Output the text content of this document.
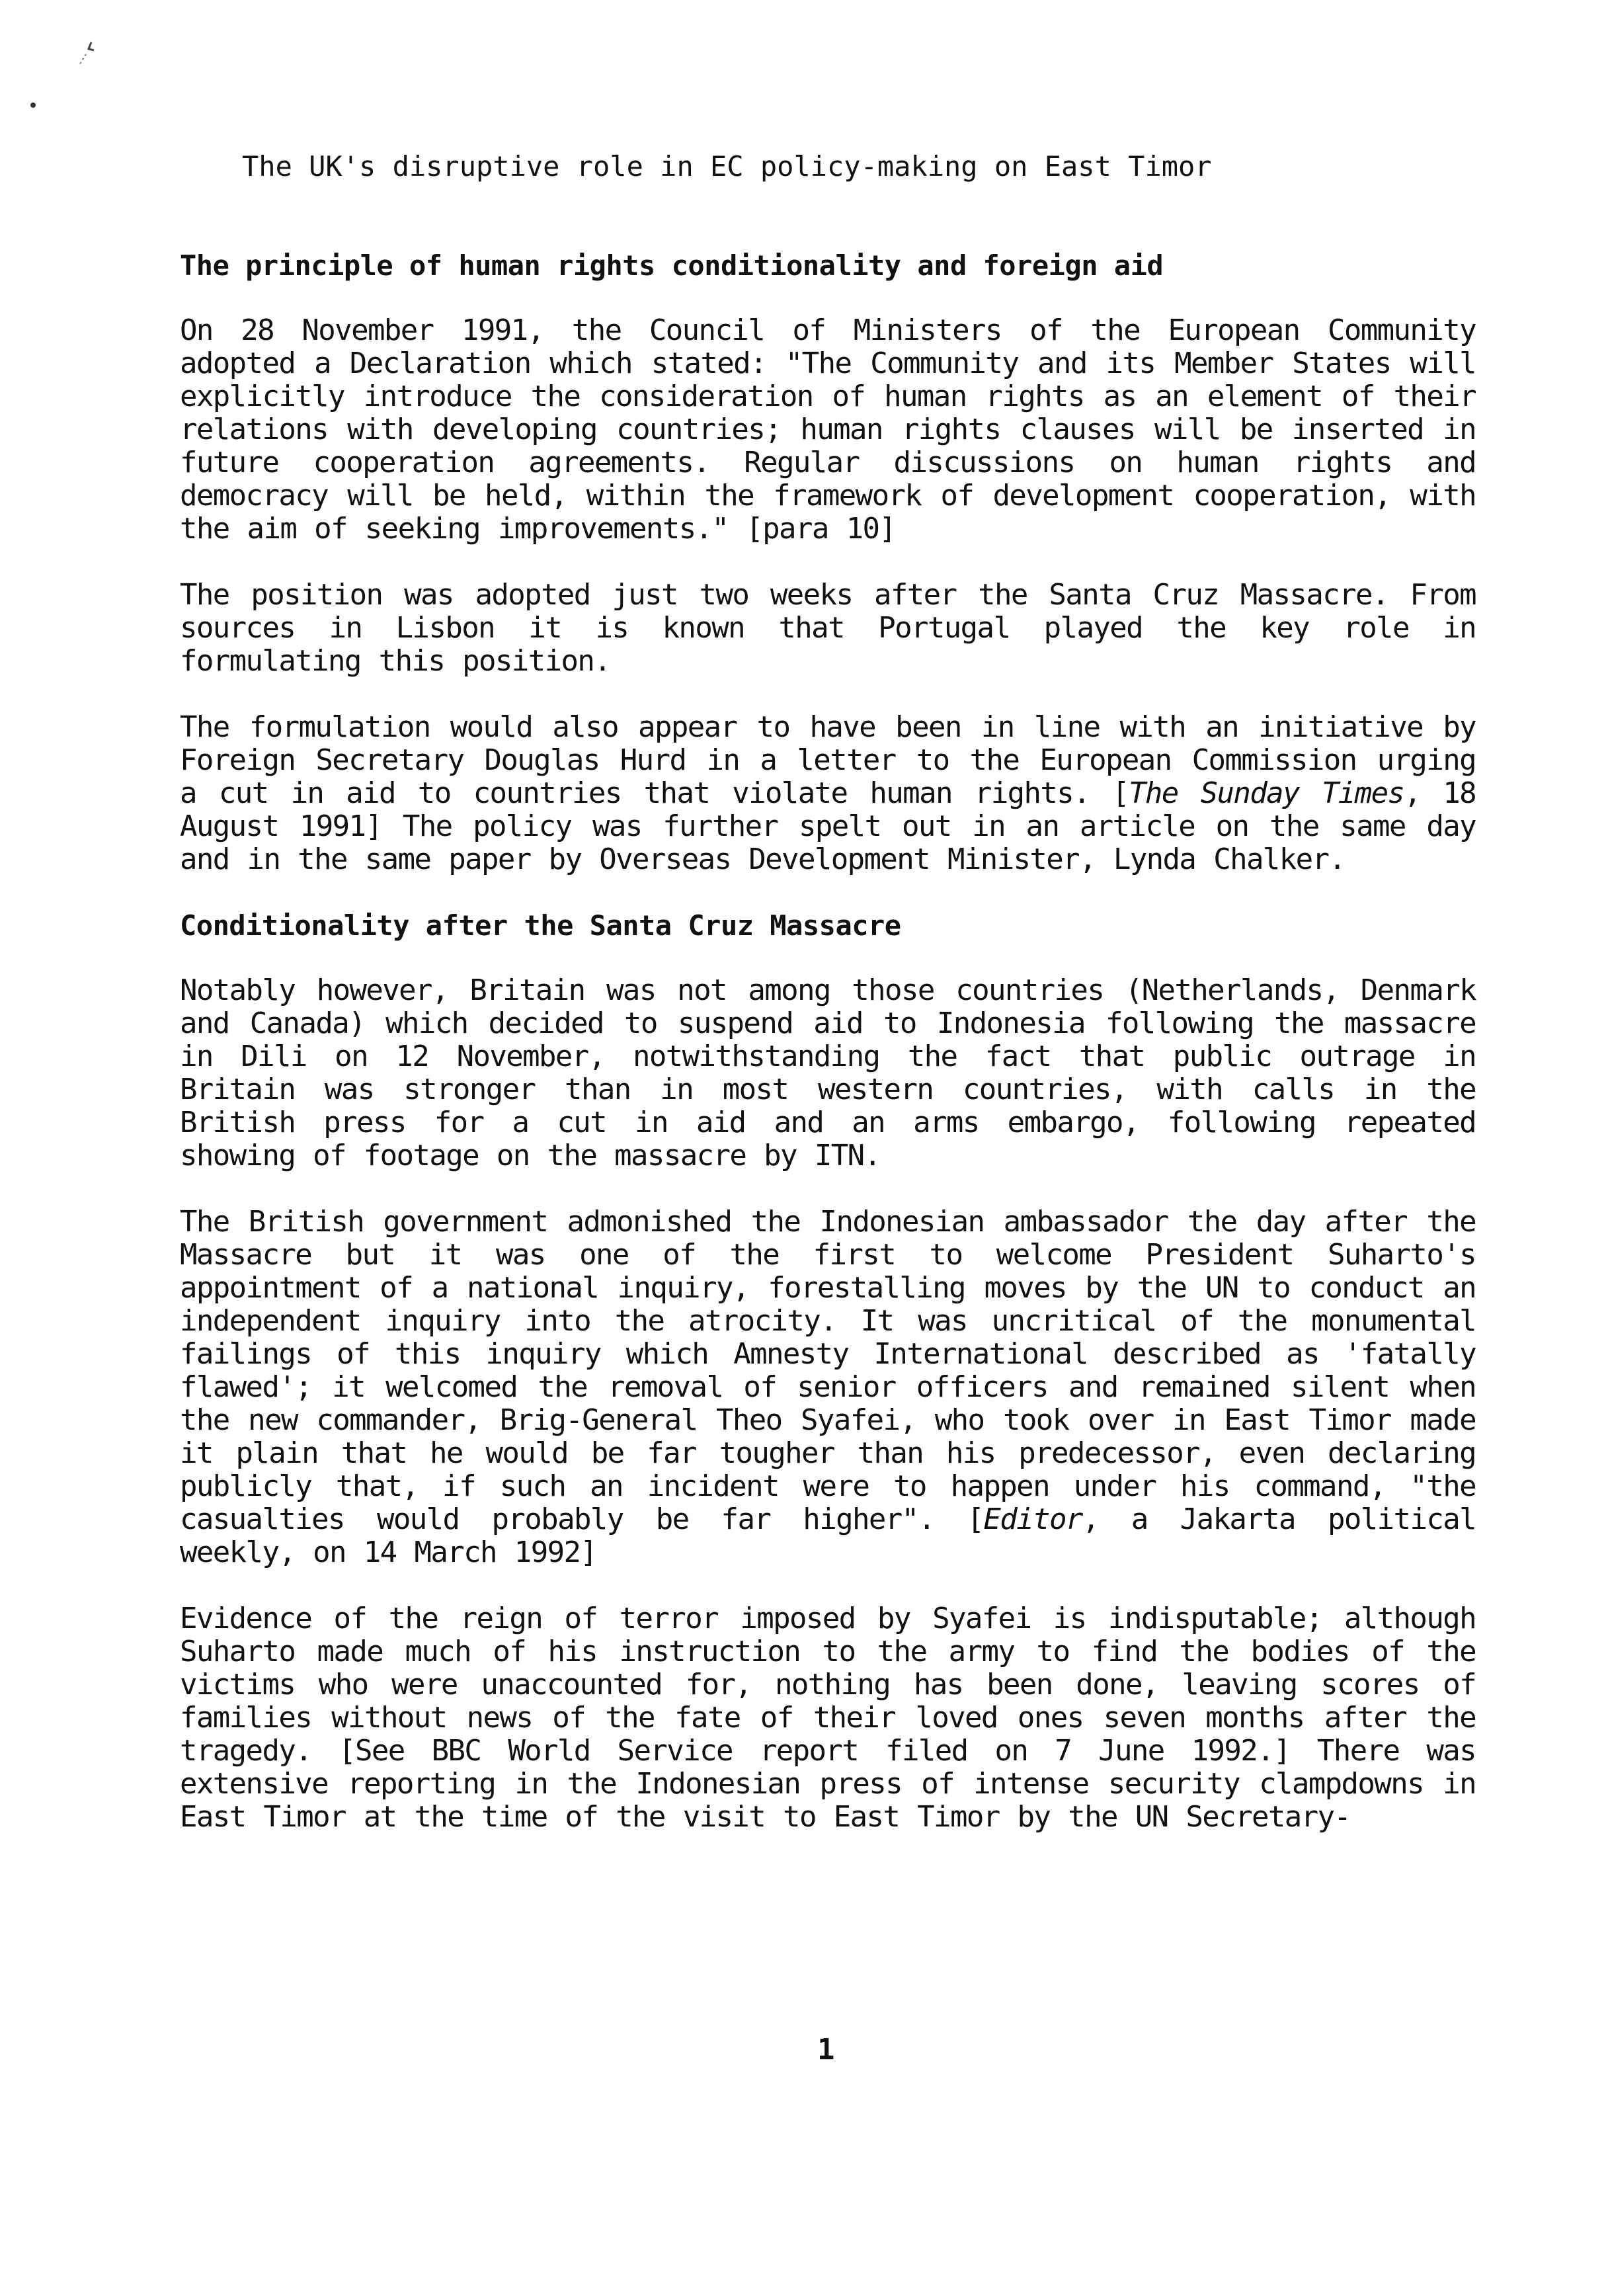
The UK's disruptive role in EC policy-making on East Timor
The principle of human rights conditionality and foreign aid

On 28 November 1991, the Council of Ministers of the European Community adopted a Declaration which stated: "The Community and its Member States will explicitly introduce the consideration of human rights as an element of their relations with developing countries; human rights clauses will be inserted in future cooperation agreements. Regular discussions on human rights and democracy will be held, within the framework of development cooperation, with the aim of seeking improvements." [para 10]

The position was adopted just two weeks after the Santa Cruz Massacre. From sources in Lisbon it is known that Portugal played the key role in formulating this position.

The formulation would also appear to have been in line with an initiative by Foreign Secretary Douglas Hurd in a letter to the European Commission urging a cut in aid to countries that violate human rights. [The Sunday Times, 18 August 1991] The policy was further spelt out in an article on the same day and in the same paper by Overseas Development Minister, Lynda Chalker.

Conditionality after the Santa Cruz Massacre

Notably however, Britain was not among those countries (Netherlands, Denmark and Canada) which decided to suspend aid to Indonesia following the massacre in Dili on 12 November, notwithstanding the fact that public outrage in Britain was stronger than in most western countries, with calls in the British press for a cut in aid and an arms embargo, following repeated showing of footage on the massacre by ITN.

The British government admonished the Indonesian ambassador the day after the Massacre but it was one of the first to welcome President Suharto's appointment of a national inquiry, forestalling moves by the UN to conduct an independent inquiry into the atrocity. It was uncritical of the monumental failings of this inquiry which Amnesty International described as 'fatally flawed'; it welcomed the removal of senior officers and remained silent when the new commander, Brig-General Theo Syafei, who took over in East Timor made it plain that he would be far tougher than his predecessor, even declaring publicly that, if such an incident were to happen under his command, "the casualties would probably be far higher". [Editor, a Jakarta political weekly, on 14 March 1992]

Evidence of the reign of terror imposed by Syafei is indisputable; although Suharto made much of his instruction to the army to find the bodies of the victims who were unaccounted for, nothing has been done, leaving scores of families without news of the fate of their loved ones seven months after the tragedy. [See BBC World Service report filed on 7 June 1992.] There was extensive reporting in the Indonesian press of intense security clampdowns in East Timor at the time of the visit to East Timor by the UN Secretary-

1
